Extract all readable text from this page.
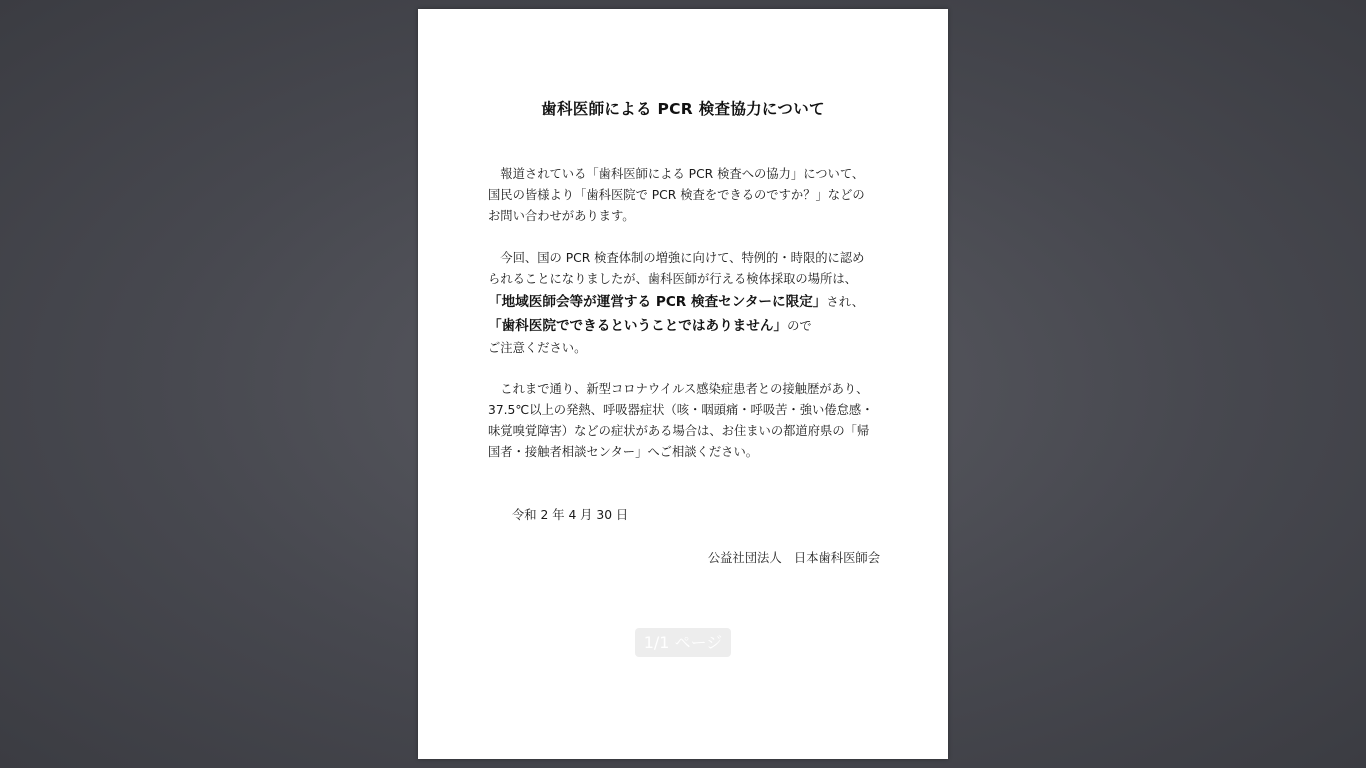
歯科医師による PCR 検査協力について

　報道されている「歯科医師による PCR 検査への協力」について、
国民の皆様より「歯科医院で PCR 検査をできるのですか？」などの
お問い合わせがあります。

　今回、国の PCR 検査体制の増強に向けて、特例的・時限的に認め
られることになりましたが、歯科医師が行える検体採取の場所は、
「地域医師会等が運営する PCR 検査センターに限定」され、
「歯科医院でできるということではありません」ので
ご注意ください。

　これまで通り、新型コロナウイルス感染症患者との接触歴があり、
37.5℃以上の発熱、呼吸器症状（咳・咽頭痛・呼吸苦・強い倦怠感・
味覚嗅覚障害）などの症状がある場合は、お住まいの都道府県の「帰
国者・接触者相談センター」へご相談ください。

令和 2 年 4 月 30 日

公益社団法人　日本歯科医師会

1/1 ページ
